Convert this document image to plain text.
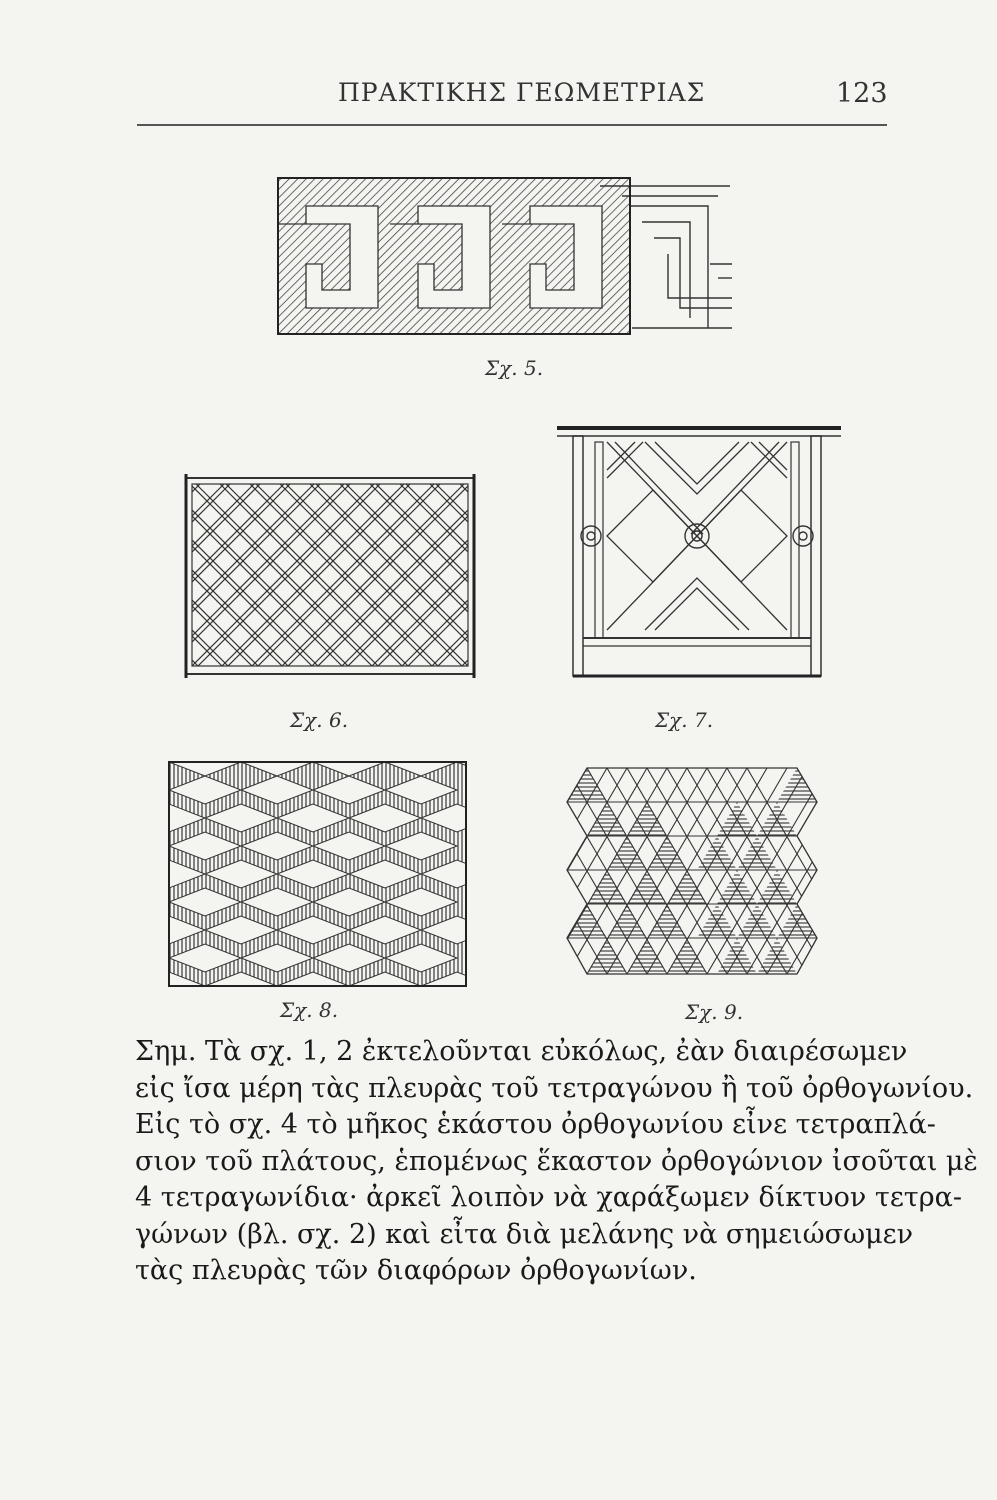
ΠΡΑΚΤΙΚΗΣ ΓΕΩΜΕΤΡΙΑΣ	123
Σχ. 5.
Σχ. 6.	Σχ. 7.
Σχ. 8.	Σχ. 9.
Σημ. Τὰ σχ. 1, 2 ἐκτελοῦνται εὐκόλως, ἐὰν διαιρέσωμεν
εἰς ἴσα μέρη τὰς πλευρὰς τοῦ τετραγώνου ἢ τοῦ ὀρθογωνίου.
Εἰς τὸ σχ. 4 τὸ μῆκος ἑκάστου ὀρθογωνίου εἶνε τετραπλά-
σιον τοῦ πλάτους, ἑπομένως ἕκαστον ὀρθογώνιον ἰσοῦται μὲ
4 τετραγωνίδια· ἀρκεῖ λοιπὸν νὰ χαράξωμεν δίκτυον τετρα-
γώνων (βλ. σχ. 2) καὶ εἶτα διὰ μελάνης νὰ σημειώσωμεν
τὰς πλευρὰς τῶν διαφόρων ὀρθογωνίων.
